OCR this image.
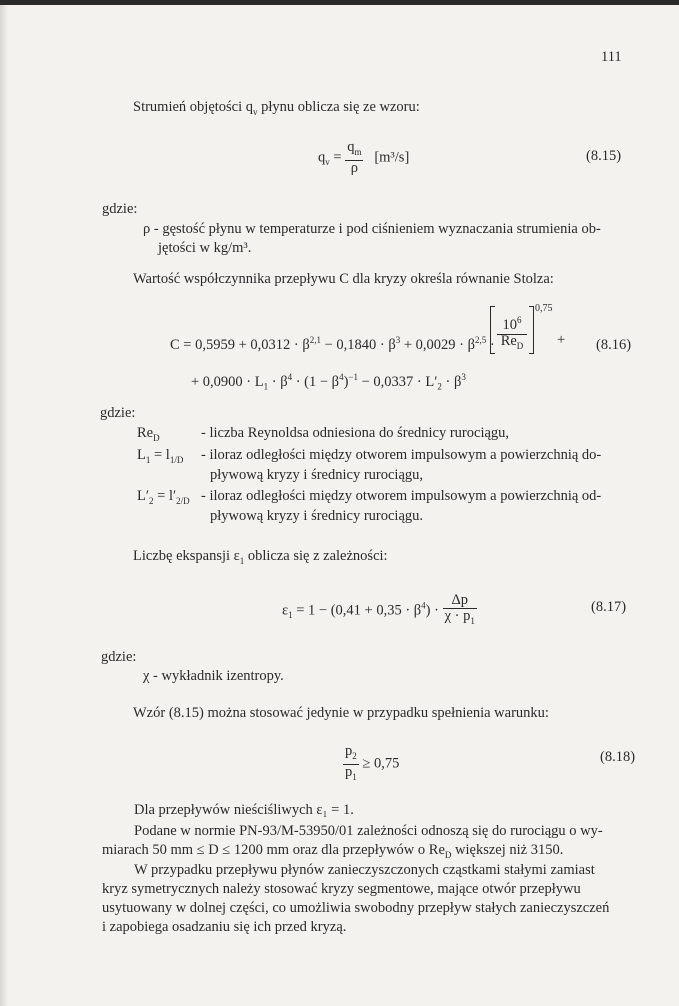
111
Strumień objętości $q_v$ płynu oblicza się ze wzoru:
$q_v = \frac{q_m}{\rho} [m^3/s]$	(8.15)
gdzie:
ρ - gęstość płynu w temperaturze i pod ciśnieniem wyznaczania strumienia ob-
jętości w kg/m³.
Wartość współczynnika przepływu C dla kryzy określa równanie Stolza:
$C = 0,5959 + 0,0312 \cdot \beta^{2,1} - 0,1840 \cdot \beta^3 + 0,0029 \cdot \beta^{2,5}$ ·
$10^6$
$Re_D$
0,75
+ (8.16)
+ $0,0900 \cdot L_1 \cdot \beta^4 \cdot (1 - \beta^4)^{-1} - 0,0337 \cdot L'_2 \cdot \beta^3$
gdzie:
$Re_D$	- liczba Reynoldsa odniesiona do średnicy rurociągu,
$L_1 = l_{1/D}$ - iloraz odległości między otworem impulsowym a powierzchnią do-
pływową kryzy i średnicy rurociągu,
$L'_2 = l'_{2/D}$ - iloraz odległości między otworem impulsowym a powierzchnią od-
pływową kryzy i średnicy rurociągu.
Liczbę ekspansji $\varepsilon_1$ oblicza się z zależności:
$\varepsilon_1 = 1 - (0,41 + 0,35 \cdot \beta^4) \cdot \frac{\Delta p}{\chi \cdot p_1}$	(8.17)
gdzie:
χ - wykładnik izentropy.
Wzór (8.15) można stosować jedynie w przypadku spełnienia warunku:
$\frac{p_2}{p_1} \ge 0,75$	(8.18)
Dla przepływów nieściśliwych ε₁ = 1.
Podane w normie PN-93/M-53950/01 zależności odnoszą się do rurociągu o wy-
miarach 50 mm ≤ D ≤ 1200 mm oraz dla przepływów o $Re_D$ większej niż 3150.
W przypadku przepływu płynów zanieczyszczonych cząstkami stałymi zamiast
kryz symetrycznych należy stosować kryzy segmentowe, mające otwór przepływu
usytuowany w dolnej części, co umożliwia swobodny przepływ stałych zanieczyszczeń
i zapobiega osadzaniu się ich przed kryzą.
